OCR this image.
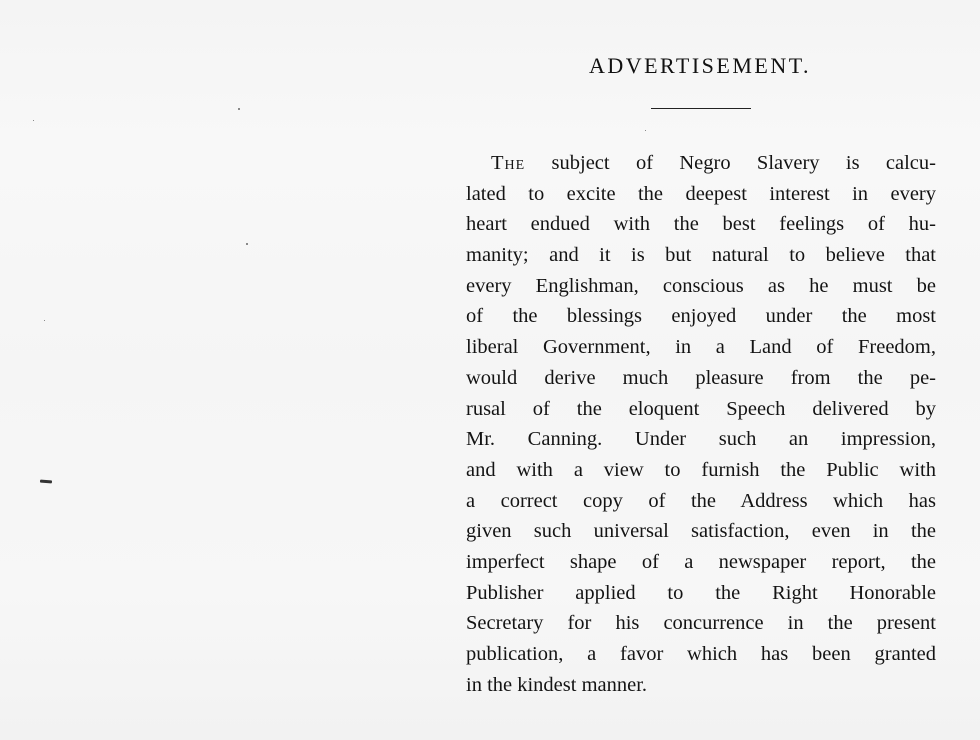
ADVERTISEMENT.
The subject of Negro Slavery is calcu-
lated to excite the deepest interest in every
heart endued with the best feelings of hu-
manity; and it is but natural to believe that
every Englishman, conscious as he must be
of the blessings enjoyed under the most
liberal Government, in a Land of Freedom,
would derive much pleasure from the pe-
rusal of the eloquent Speech delivered by
Mr. Canning. Under such an impression,
and with a view to furnish the Public with
a correct copy of the Address which has
given such universal satisfaction, even in the
imperfect shape of a newspaper report, the
Publisher applied to the Right Honorable
Secretary for his concurrence in the present
publication, a favor which has been granted
in the kindest manner.
